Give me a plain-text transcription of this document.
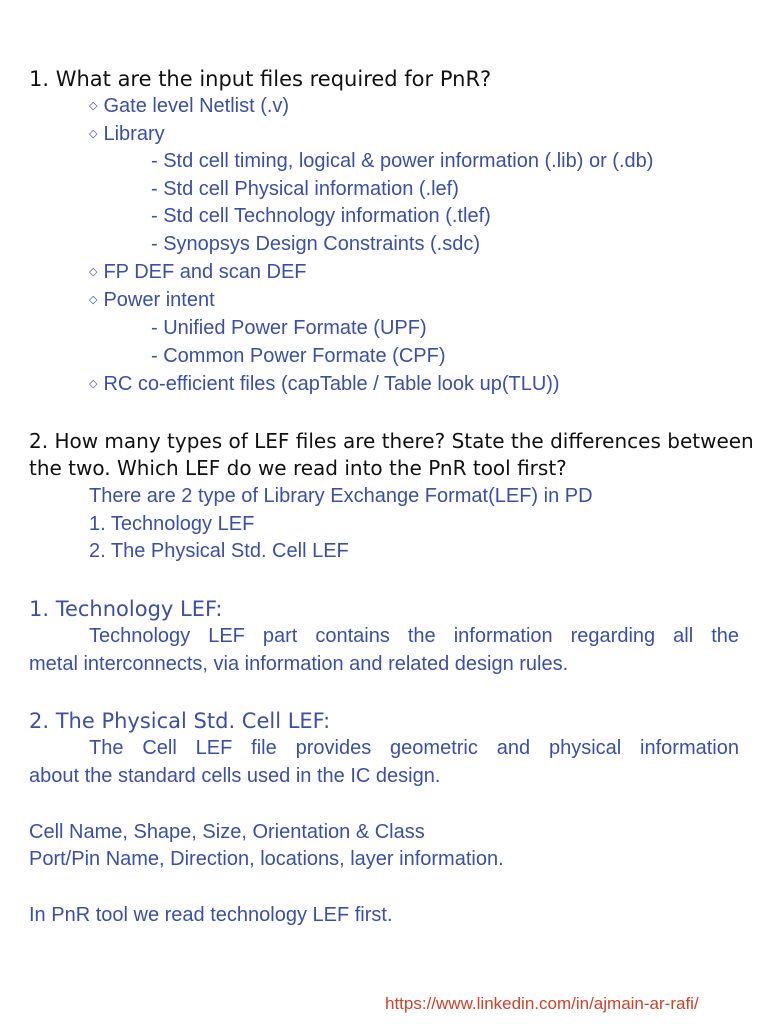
1. What are the input files required for PnR?
◇ Gate level Netlist (.v)
◇ Library
- Std cell timing, logical & power information (.lib) or (.db)
- Std cell Physical information (.lef)
- Std cell Technology information (.tlef)
- Synopsys Design Constraints (.sdc)
◇ FP DEF and scan DEF
◇ Power intent
- Unified Power Formate (UPF)
- Common Power Formate (CPF)
◇ RC co-efficient files (capTable / Table look up(TLU))
2. How many types of LEF files are there? State the differences between
the two. Which LEF do we read into the PnR tool first?
There are 2 type of Library Exchange Format(LEF) in PD
1. Technology LEF
2. The Physical Std. Cell LEF
1. Technology LEF:
Technology LEF part contains the information regarding all the
metal interconnects, via information and related design rules.
2. The Physical Std. Cell LEF:
The Cell LEF file provides geometric and physical information
about the standard cells used in the IC design.
Cell Name, Shape, Size, Orientation & Class
Port/Pin Name, Direction, locations, layer information.
In PnR tool we read technology LEF first.
https://www.linkedin.com/in/ajmain-ar-rafi/
